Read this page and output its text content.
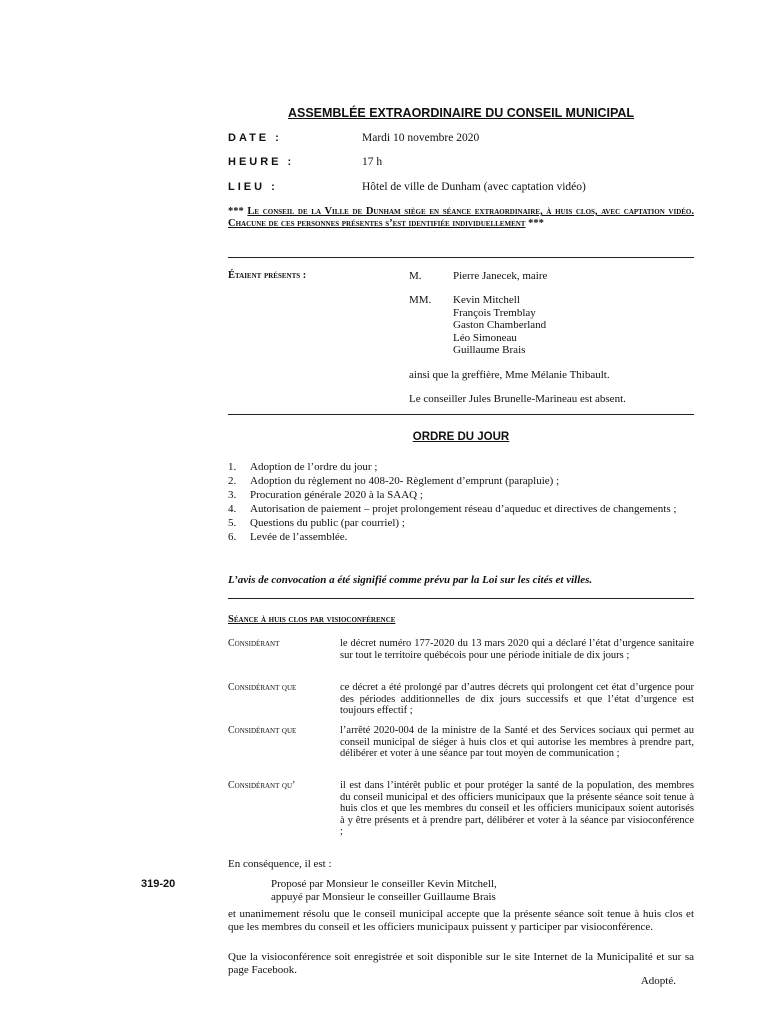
ASSEMBLÉE EXTRAORDINAIRE DU CONSEIL MUNICIPAL
DATE :	Mardi 10 novembre 2020
HEURE :	17 h
LIEU :	Hôtel de ville de Dunham (avec captation vidéo)
*** Le conseil de la Ville de Dunham siège en séance extraordinaire, à huis clos, avec captation vidéo. Chacune de ces personnes présentes s’est identifiée individuellement ***
Étaient présents :	M.	Pierre Janecek, maire
MM. Kevin Mitchell
François Tremblay
Gaston Chamberland
Léo Simoneau
Guillaume Brais
ainsi que la greffière, Mme Mélanie Thibault.
Le conseiller Jules Brunelle-Marineau est absent.
ORDRE DU JOUR
1.	Adoption de l’ordre du jour ;
2.	Adoption du règlement no 408-20- Règlement d’emprunt (parapluie) ;
3.	Procuration générale 2020 à la SAAQ ;
4.	Autorisation de paiement – projet prolongement réseau d’aqueduc et directives de changements ;
5.	Questions du public (par courriel) ;
6.	Levée de l’assemblée.
L’avis de convocation a été signifié comme prévu par la Loi sur les cités et villes.
Séance à huis clos par visioconférence
Considérant	le décret numéro 177-2020 du 13 mars 2020 qui a déclaré l’état d’urgence sanitaire sur tout le territoire québécois pour une période initiale de dix jours ;
Considérant que	ce décret a été prolongé par d’autres décrets qui prolongent cet état d’urgence pour des périodes additionnelles de dix jours successifs et que l’état d’urgence est toujours effectif ;
Considérant que	l’arrêté 2020-004 de la ministre de la Santé et des Services sociaux qui permet au conseil municipal de siéger à huis clos et qui autorise les membres à prendre part, délibérer et voter à une séance par tout moyen de communication ;
Considérant qu’	il est dans l’intérêt public et pour protéger la santé de la population, des membres du conseil municipal et des officiers municipaux que la présente séance soit tenue à huis clos et que les membres du conseil et les officiers municipaux soient autorisés à y être présents et à prendre part, délibérer et voter à la séance par visioconférence ;
En conséquence, il est :
319-20	Proposé par Monsieur le conseiller Kevin Mitchell,
appuyé par Monsieur le conseiller Guillaume Brais
et unanimement résolu que le conseil municipal accepte que la présente séance soit tenue à huis clos et que les membres du conseil et les officiers municipaux puissent y participer par visioconférence.
Que la visioconférence soit enregistrée et soit disponible sur le site Internet de la Municipalité et sur sa page Facebook.
Adopté.
